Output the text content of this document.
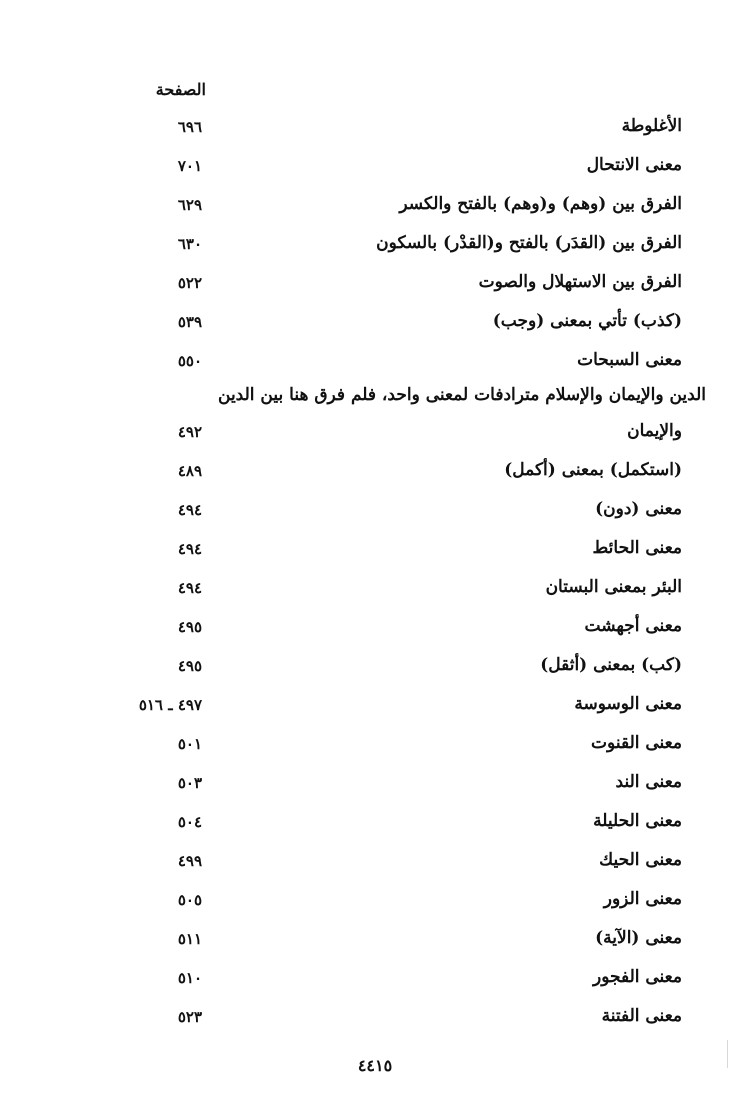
الصفحة
الأغلوطة
٦٩٦
معنى الانتحال
٧٠١
الفرق بين (وهم) و(وهم) بالفتح والكسر
٦٢٩
الفرق بين (القدَر) بالفتح و(القدْر) بالسكون
٦٣٠
الفرق بين الاستهلال والصوت
٥٢٢
(كذب) تأتي بمعنى (وجب)
٥٣٩
معنى السبحات
٥٥٠
الدين والإيمان والإسلام مترادفات لمعنى واحد، فلم فرق هنا بين الدين
والإيمان
٤٩٢
(استكمل) بمعنى (أكمل)
٤٨٩
معنى (دون)
٤٩٤
معنى الحائط
٤٩٤
البئر بمعنى البستان
٤٩٤
معنى أجهشت
٤٩٥
(كب) بمعنى (أثقل)
٤٩٥
معنى الوسوسة
٤٩٧ ـ ٥١٦
معنى القنوت
٥٠١
معنى الند
٥٠٣
معنى الحليلة
٥٠٤
معنى الحيك
٤٩٩
معنى الزور
٥٠٥
معنى (الآية)
٥١١
معنى الفجور
٥١٠
معنى الفتنة
٥٢٣
٤٤١٥
